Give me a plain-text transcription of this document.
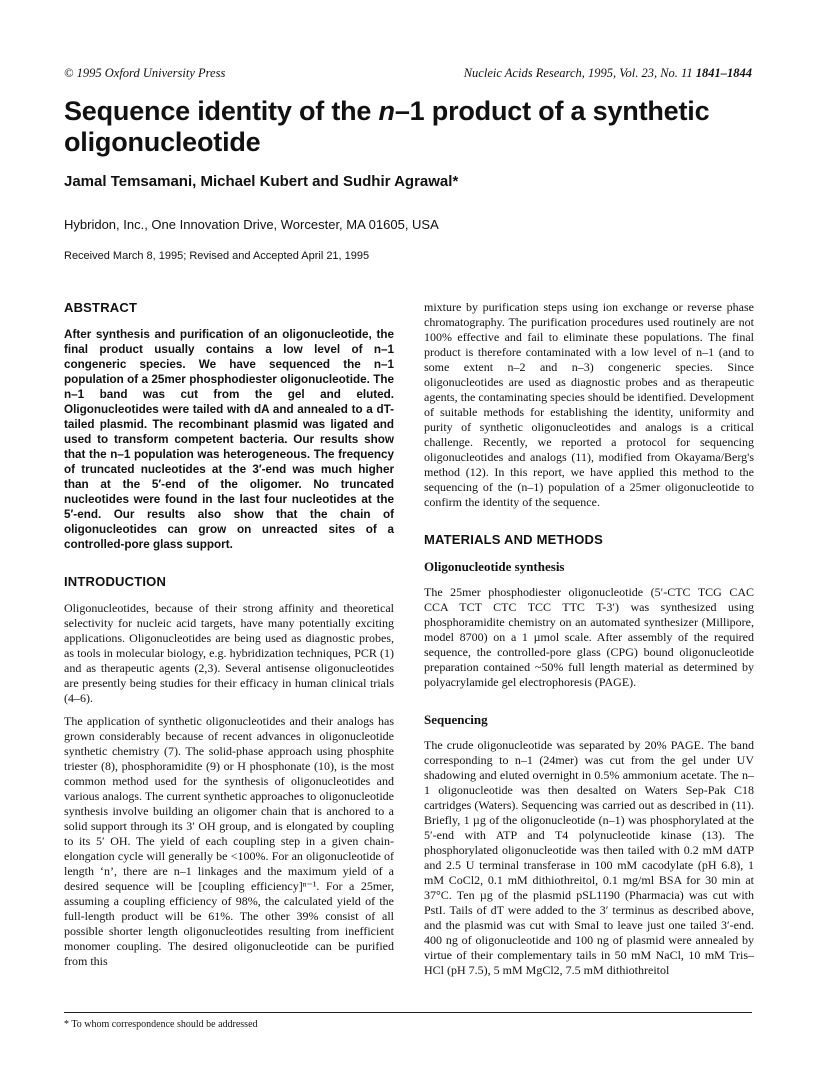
© 1995 Oxford University Press	Nucleic Acids Research, 1995, Vol. 23, No. 11 1841–1844
Sequence identity of the n–1 product of a synthetic oligonucleotide
Jamal Temsamani, Michael Kubert and Sudhir Agrawal*
Hybridon, Inc., One Innovation Drive, Worcester, MA 01605, USA
Received March 8, 1995; Revised and Accepted April 21, 1995
ABSTRACT
After synthesis and purification of an oligonucleotide, the final product usually contains a low level of n–1 congeneric species. We have sequenced the n–1 population of a 25mer phosphodiester oligonucleotide. The n–1 band was cut from the gel and eluted. Oligonucleotides were tailed with dA and annealed to a dT-tailed plasmid. The recombinant plasmid was ligated and used to transform competent bacteria. Our results show that the n–1 population was heterogeneous. The frequency of truncated nucleotides at the 3′-end was much higher than at the 5′-end of the oligomer. No truncated nucleotides were found in the last four nucleotides at the 5′-end. Our results also show that the chain of oligonucleotides can grow on unreacted sites of a controlled-pore glass support.
INTRODUCTION

Oligonucleotides, because of their strong affinity and theoretical selectivity for nucleic acid targets, have many potentially exciting applications. Oligonucleotides are being used as diagnostic probes, as tools in molecular biology, e.g. hybridization techniques, PCR (1) and as therapeutic agents (2,3). Several antisense oligonucleotides are presently being studies for their efficacy in human clinical trials (4–6).

The application of synthetic oligonucleotides and their analogs has grown considerably because of recent advances in oligonucleotide synthetic chemistry (7). The solid-phase approach using phosphite triester (8), phosphoramidite (9) or H phosphonate (10), is the most common method used for the synthesis of oligonucleotides and various analogs. The current synthetic approaches to oligonucleotide synthesis involve building an oligomer chain that is anchored to a solid support through its 3′ OH group, and is elongated by coupling to its 5′ OH. The yield of each coupling step in a given chain-elongation cycle will generally be <100%. For an oligonucleotide of length ‘n’, there are n–1 linkages and the maximum yield of a desired sequence will be [coupling efficiency]ⁿ⁻¹. For a 25mer, assuming a coupling efficiency of 98%, the calculated yield of the full-length product will be 61%. The other 39% consist of all possible shorter length oligonucleotides resulting from inefficient monomer coupling. The desired oligonucleotide can be purified from this

mixture by purification steps using ion exchange or reverse phase chromatography. The purification procedures used routinely are not 100% effective and fail to eliminate these populations. The final product is therefore contaminated with a low level of n–1 (and to some extent n–2 and n–3) congeneric species. Since oligonucleotides are used as diagnostic probes and as therapeutic agents, the contaminating species should be identified. Development of suitable methods for establishing the identity, uniformity and purity of synthetic oligonucleotides and analogs is a critical challenge. Recently, we reported a protocol for sequencing oligonucleotides and analogs (11), modified from Okayama/Berg's method (12). In this report, we have applied this method to the sequencing of the (n–1) population of a 25mer oligonucleotide to confirm the identity of the sequence.

MATERIALS AND METHODS
Oligonucleotide synthesis

The 25mer phosphodiester oligonucleotide (5′-CTC TCG CAC CCA TCT CTC TCC TTC T-3′) was synthesized using phosphoramidite chemistry on an automated synthesizer (Millipore, model 8700) on a 1 µmol scale. After assembly of the required sequence, the controlled-pore glass (CPG) bound oligonucleotide preparation contained ~50% full length material as determined by polyacrylamide gel electrophoresis (PAGE).

Sequencing

The crude oligonucleotide was separated by 20% PAGE. The band corresponding to n–1 (24mer) was cut from the gel under UV shadowing and eluted overnight in 0.5% ammonium acetate. The n–1 oligonucleotide was then desalted on Waters Sep-Pak C18 cartridges (Waters). Sequencing was carried out as described in (11). Briefly, 1 µg of the oligonucleotide (n–1) was phosphorylated at the 5′-end with ATP and T4 polynucleotide kinase (13). The phosphorylated oligonucleotide was then tailed with 0.2 mM dATP and 2.5 U terminal transferase in 100 mM cacodylate (pH 6.8), 1 mM CoCl2, 0.1 mM dithiothreitol, 0.1 mg/ml BSA for 30 min at 37°C. Ten µg of the plasmid pSL1190 (Pharmacia) was cut with PstI. Tails of dT were added to the 3′ terminus as described above, and the plasmid was cut with SmaI to leave just one tailed 3′-end. 400 ng of oligonucleotide and 100 ng of plasmid were annealed by virtue of their complementary tails in 50 mM NaCl, 10 mM Tris–HCl (pH 7.5), 5 mM MgCl2, 7.5 mM dithiothreitol

* To whom correspondence should be addressed
